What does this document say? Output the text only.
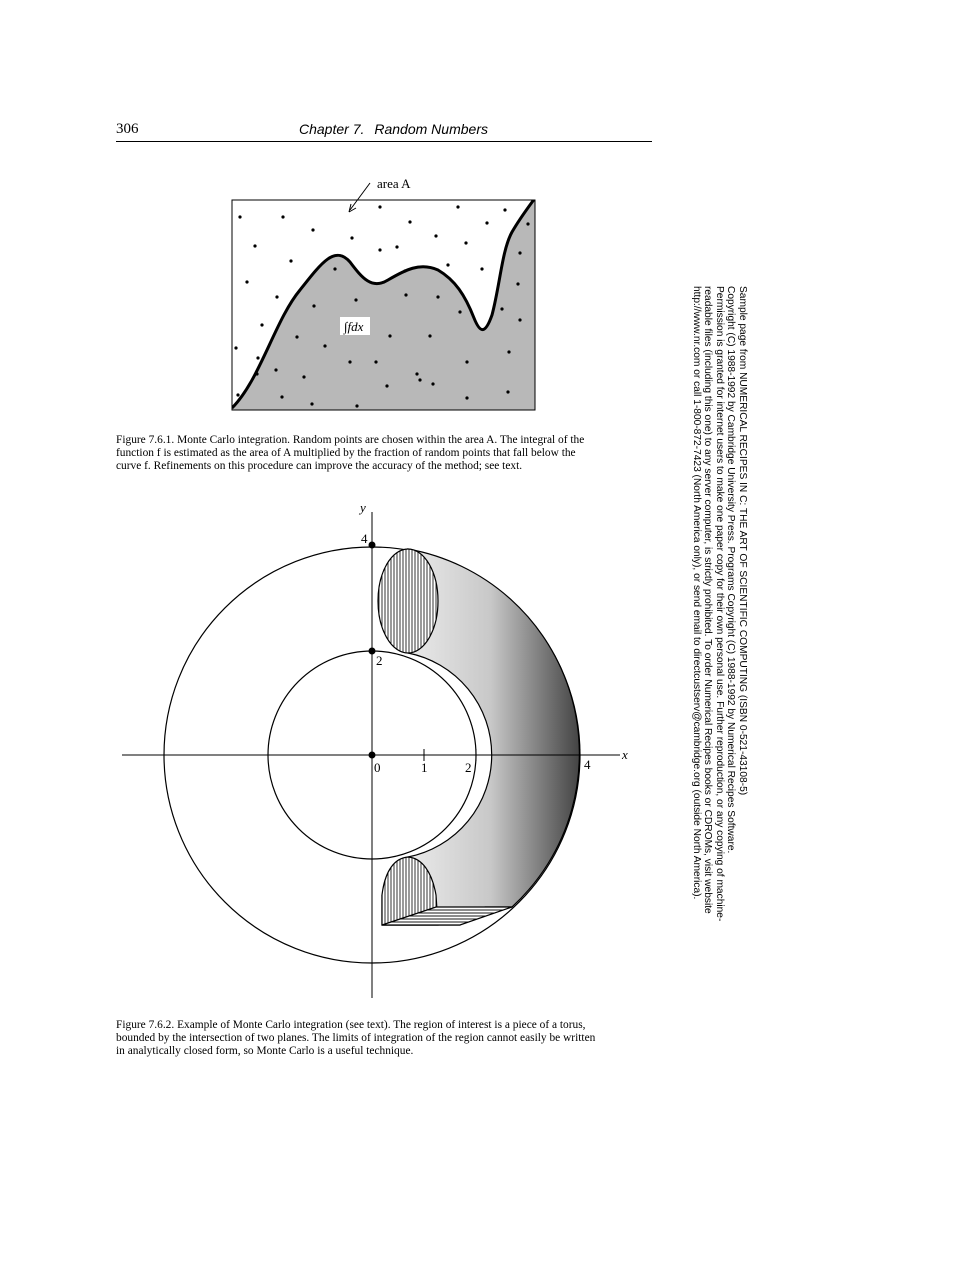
306	Chapter 7. Random Numbers
∫fdx
area A
Figure 7.6.1. Monte Carlo integration. Random points are chosen within the area A. The integral of the
function f is estimated as the area of A multiplied by the fraction of random points that fall below the
curve f. Refinements on this procedure can improve the accuracy of the method; see text.
y
x
0	1	2	4
2
4
Figure 7.6.2. Example of Monte Carlo integration (see text). The region of interest is a piece of a torus,
bounded by the intersection of two planes. The limits of integration of the region cannot easily be written
in analytically closed form, so Monte Carlo is a useful technique.
Sample page from NUMERICAL RECIPES IN C: THE ART OF SCIENTIFIC COMPUTING (ISBN 0-521-43108-5)
Copyright (C) 1988-1992 by Cambridge University Press. Programs Copyright (C) 1988-1992 by Numerical Recipes Software.
Permission is granted for internet users to make one paper copy for their own personal use. Further reproduction, or any copying of machine-
readable files (including this one) to any server computer, is strictly prohibited. To order Numerical Recipes books or CDROMs, visit website
http://www.nr.com or call 1-800-872-7423 (North America only), or send email to directcustserv@cambridge.org (outside North America).
